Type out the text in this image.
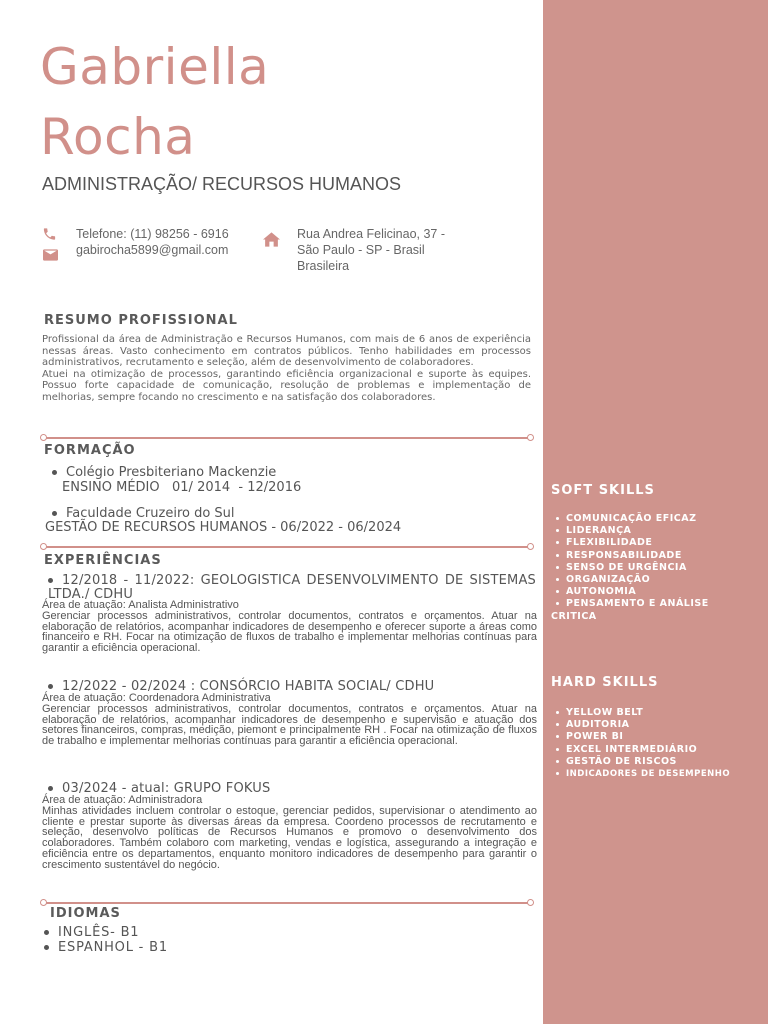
Gabriella
Rocha
ADMINISTRAÇÃO/ RECURSOS HUMANOS
Telefone: (11) 98256 - 6916
gabirocha5899@gmail.com
Rua Andrea Felicinao, 37 -
São Paulo - SP - Brasil
Brasileira
RESUMO PROFISSIONAL

Profissional da área de Administração e Recursos Humanos, com mais de 6 anos de experiência nessas áreas. Vasto conhecimento em contratos públicos. Tenho habilidades em processos administrativos, recrutamento e seleção, além de desenvolvimento de colaboradores.

Atuei na otimização de processos, garantindo eficiência organizacional e suporte às equipes. Possuo forte capacidade de comunicação, resolução de problemas e implementação de melhorias, sempre focando no crescimento e na satisfação dos colaboradores.

FORMAÇÃO
Colégio Presbiteriano Mackenzie
ENSINO MÉDIO   01/ 2014  - 12/2016
Faculdade Cruzeiro do Sul
GESTÃO DE RECURSOS HUMANOS - 06/2022 - 06/2024
EXPERIÊNCIAS
12/2018 - 11/2022: GEOLOGISTICA DESENVOLVIMENTO DE SISTEMAS LTDA./ CDHU

Área de atuação: Analista Administrativo

Gerenciar processos administrativos, controlar documentos, contratos e orçamentos. Atuar na elaboração de relatórios, acompanhar indicadores de desempenho e oferecer suporte a áreas como financeiro e RH. Focar na otimização de fluxos de trabalho e implementar melhorias contínuas para garantir a eficiência operacional.

12/2022 - 02/2024 : CONSÓRCIO HABITA SOCIAL/ CDHU

Área de atuação: Coordenadora Administrativa

Gerenciar processos administrativos, controlar documentos, contratos e orçamentos. Atuar na elaboração de relatórios, acompanhar indicadores de desempenho e supervisão e atuação dos setores financeiros, compras, medição, piemont e principalmente RH . Focar na otimização de fluxos de trabalho e implementar melhorias contínuas para garantir a eficiência operacional.

03/2024 - atual: GRUPO FOKUS

Área de atuação: Administradora

Minhas atividades incluem controlar o estoque, gerenciar pedidos, supervisionar o atendimento ao cliente e prestar suporte às diversas áreas da empresa. Coordeno processos de recrutamento e seleção, desenvolvo políticas de Recursos Humanos e promovo o desenvolvimento dos colaboradores. Também colaboro com marketing, vendas e logística, assegurando a integração e eficiência entre os departamentos, enquanto monitoro indicadores de desempenho para garantir o crescimento sustentável do negócio.

IDIOMAS
INGLÊS- B1
ESPANHOL - B1
SOFT SKILLS
COMUNICAÇÃO EFICAZ
LIDERANÇA
FLEXIBILIDADE
RESPONSABILIDADE
SENSO DE URGÊNCIA
ORGANIZAÇÃO
AUTONOMIA
PENSAMENTO E ANÁLISE
CRITICA
HARD SKILLS
YELLOW BELT
AUDITORIA
POWER BI
EXCEL INTERMEDIÁRIO
GESTÃO DE RISCOS
INDICADORES DE DESEMPENHO
